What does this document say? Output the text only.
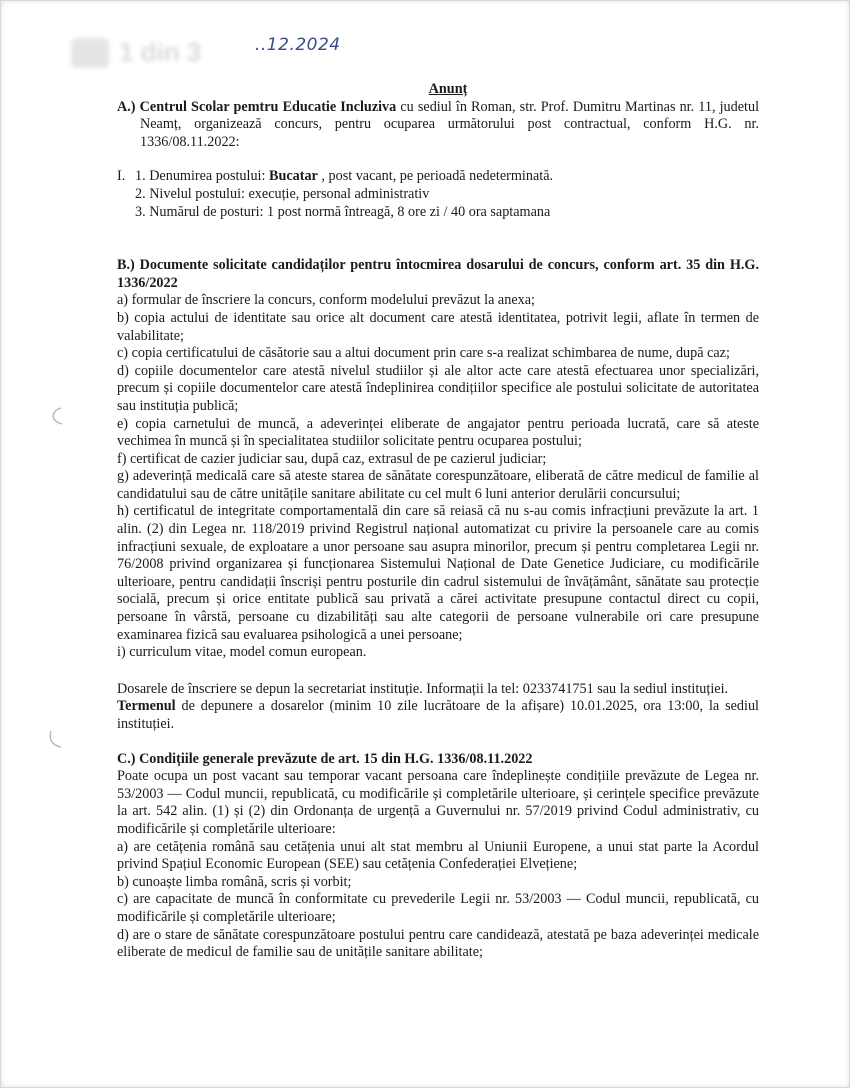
1 din 3	..12.2024

Anunț

A.) Centrul Scolar pemtru Educatie Incluziva cu sediul în Roman, str. Prof. Dumitru Martinas nr. 11, judetul Neamț, organizează concurs, pentru ocuparea următorului post contractual, conform H.G. nr. 1336/08.11.2022:

I. 1. Denumirea postului: Bucatar , post vacant, pe perioadă nedeterminată.

2. Nivelul postului: execuție, personal administrativ

3. Numărul de posturi: 1 post normă întreagă, 8 ore zi / 40 ora saptamana

B.) Documente solicitate candidaților pentru întocmirea dosarului de concurs, conform art. 35 din H.G. 1336/2022

a) formular de înscriere la concurs, conform modelului prevăzut la anexa;

b) copia actului de identitate sau orice alt document care atestă identitatea, potrivit legii, aflate în termen de valabilitate;

c) copia certificatului de căsătorie sau a altui document prin care s-a realizat schimbarea de nume, după caz;

d) copiile documentelor care atestă nivelul studiilor și ale altor acte care atestă efectuarea unor specializări, precum și copiile documentelor care atestă îndeplinirea condițiilor specifice ale postului solicitate de autoritatea sau instituția publică;

e) copia carnetului de muncă, a adeverinței eliberate de angajator pentru perioada lucrată, care să ateste vechimea în muncă și în specialitatea studiilor solicitate pentru ocuparea postului;

f) certificat de cazier judiciar sau, după caz, extrasul de pe cazierul judiciar;

g) adeverință medicală care să ateste starea de sănătate corespunzătoare, eliberată de către medicul de familie al candidatului sau de către unitățile sanitare abilitate cu cel mult 6 luni anterior derulării concursului;

h) certificatul de integritate comportamentală din care să reiasă că nu s-au comis infracțiuni prevăzute la art. 1 alin. (2) din Legea nr. 118/2019 privind Registrul național automatizat cu privire la persoanele care au comis infracțiuni sexuale, de exploatare a unor persoane sau asupra minorilor, precum și pentru completarea Legii nr. 76/2008 privind organizarea și funcționarea Sistemului Național de Date Genetice Judiciare, cu modificările ulterioare, pentru candidații înscriși pentru posturile din cadrul sistemului de învățământ, sănătate sau protecție socială, precum și orice entitate publică sau privată a cărei activitate presupune contactul direct cu copii, persoane în vârstă, persoane cu dizabilități sau alte categorii de persoane vulnerabile ori care presupune examinarea fizică sau evaluarea psihologică a unei persoane;

i) curriculum vitae, model comun european.

Dosarele de înscriere se depun la secretariat instituție. Informații la tel: 0233741751 sau la sediul instituției.

Termenul de depunere a dosarelor (minim 10 zile lucrătoare de la afișare) 10.01.2025, ora 13:00, la sediul instituției.

C.) Condițiile generale prevăzute de art. 15 din H.G. 1336/08.11.2022

Poate ocupa un post vacant sau temporar vacant persoana care îndeplinește condițiile prevăzute de Legea nr. 53/2003 — Codul muncii, republicată, cu modificările și completările ulterioare, și cerințele specifice prevăzute la art. 542 alin. (1) și (2) din Ordonanța de urgență a Guvernului nr. 57/2019 privind Codul administrativ, cu modificările și completările ulterioare:

a) are cetățenia română sau cetățenia unui alt stat membru al Uniunii Europene, a unui stat parte la Acordul privind Spațiul Economic European (SEE) sau cetățenia Confederației Elvețiene;

b) cunoaște limba română, scris și vorbit;

c) are capacitate de muncă în conformitate cu prevederile Legii nr. 53/2003 — Codul muncii, republicată, cu modificările și completările ulterioare;

d) are o stare de sănătate corespunzătoare postului pentru care candidează, atestată pe baza adeverinței medicale eliberate de medicul de familie sau de unitățile sanitare abilitate;
